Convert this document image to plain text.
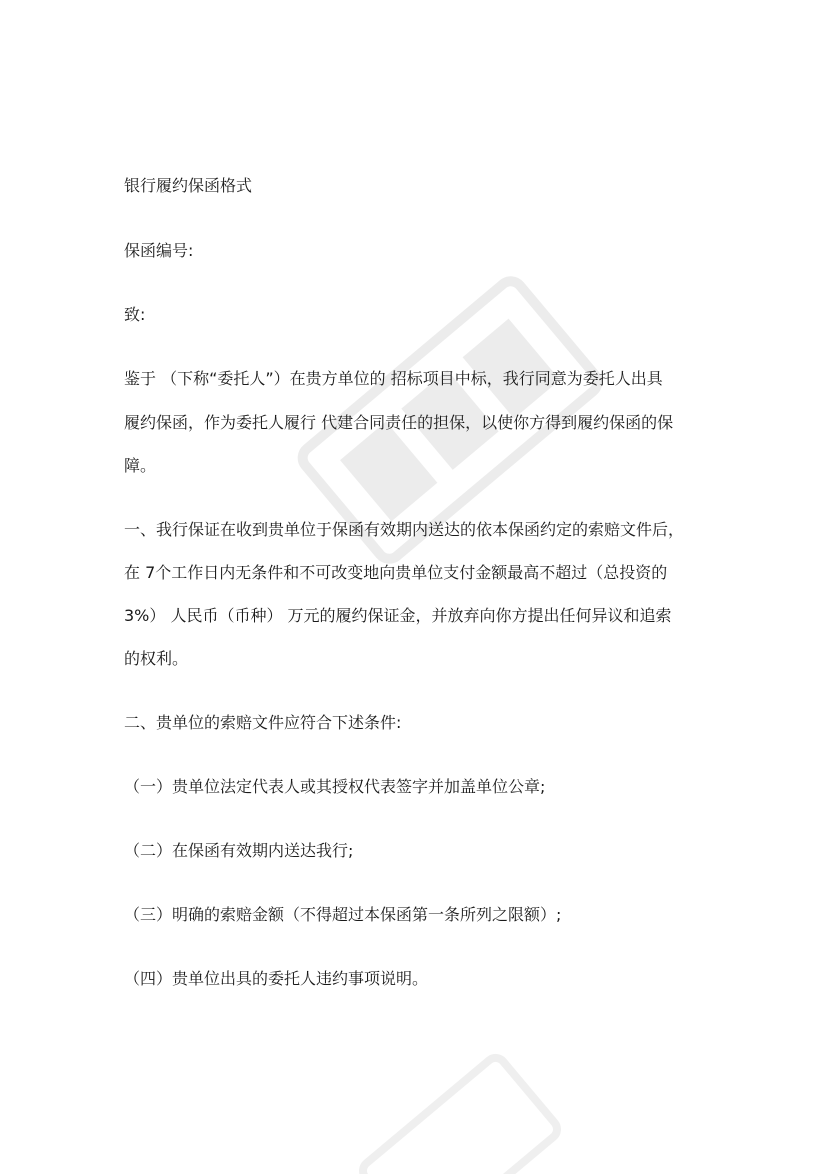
银行履约保函格式
保函编号:
致:
鉴于 （下称“委托人”）在贵方单位的 招标项目中标，我行同意为委托人出具
履约保函，作为委托人履行 代建合同责任的担保，以使你方得到履约保函的保
障。
一、我行保证在收到贵单位于保函有效期内送达的依本保函约定的索赔文件后，
在 7个工作日内无条件和不可改变地向贵单位支付金额最高不超过（总投资的
3%） 人民币（币种） 万元的履约保证金，并放弃向你方提出任何异议和追索
的权利。
二、贵单位的索赔文件应符合下述条件:
（一）贵单位法定代表人或其授权代表签字并加盖单位公章;
（二）在保函有效期内送达我行;
（三）明确的索赔金额（不得超过本保函第一条所列之限额）;
（四）贵单位出具的委托人违约事项说明。
